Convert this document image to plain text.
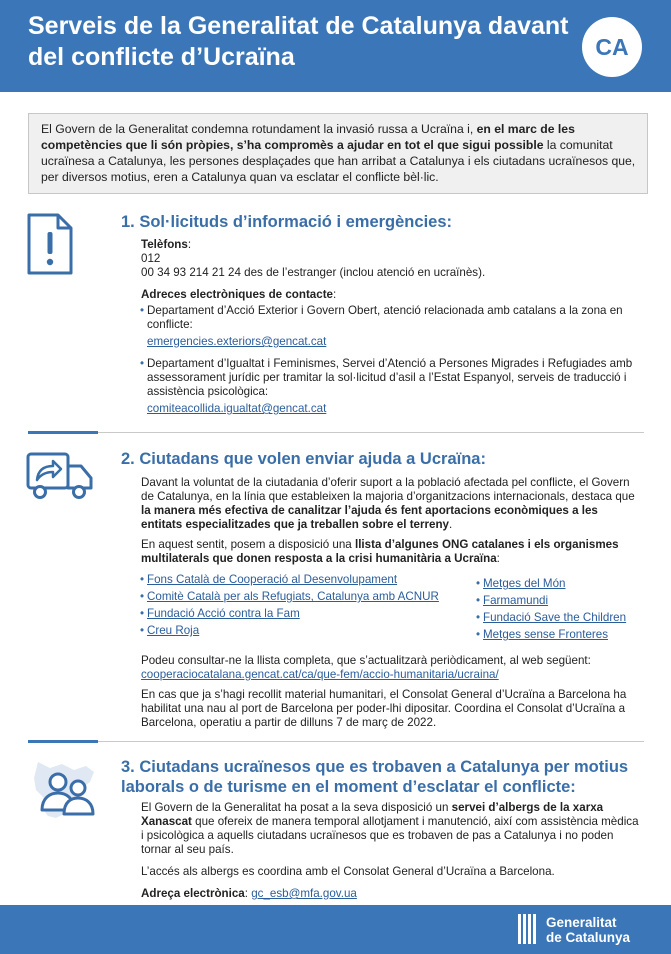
Serveis de la Generalitat de Catalunya davant del conflicte d’Ucraïna	CA
El Govern de la Generalitat condemna rotundament la invasió russa a Ucraïna i, en el marc de les competències que li són pròpies, s’ha compromès a ajudar en tot el que sigui possible la comunitat ucraïnesa a Catalunya, les persones desplaçades que han arribat a Catalunya i els ciutadans ucraïnesos que, per diversos motius, eren a Catalunya quan va esclatar el conflicte bèl·lic.
1. Sol·licituds d’informació i emergències:

Telèfons:

012

00 34 93 214 21 24 des de l’estranger (inclou atenció en ucraïnès).

Adreces electròniques de contacte:

• Departament d’Acció Exterior i Govern Obert, atenció relacionada amb catalans a la zona en conflicte:

emergencies.exteriors@gencat.cat

• Departament d’Igualtat i Feminismes, Servei d’Atenció a Persones Migrades i Refugiades amb assessorament jurídic per tramitar la sol·licitud d’asil a l’Estat Espanyol, serveis de traducció i assistència psicològica:

comiteacollida.igualtat@gencat.cat

2. Ciutadans que volen enviar ajuda a Ucraïna:

Davant la voluntat de la ciutadania d’oferir suport a la població afectada pel conflicte, el Govern de Catalunya, en la línia que estableixen la majoria d’organitzacions internacionals, destaca que la manera més efectiva de canalitzar l’ajuda és fent aportacions econòmiques a les entitats especialitzades que ja treballen sobre el terreny.

En aquest sentit, posem a disposició una llista d’algunes ONG catalanes i els organismes multilaterals que donen resposta a la crisi humanitària a Ucraïna:

• Fons Català de Cooperació al Desenvolupament
• Comitè Català per als Refugiats, Catalunya amb ACNUR
• Fundació Acció contra la Fam
• Creu Roja
• Metges del Món
• Farmamundi
• Fundació Save the Children
• Metges sense Fronteres

Podeu consultar-ne la llista completa, que s’actualitzarà periòdicament, al web següent:

cooperaciocatalana.gencat.cat/ca/que-fem/accio-humanitaria/ucraina/

En cas que ja s’hagi recollit material humanitari, el Consolat General d’Ucraïna a Barcelona ha habilitat una nau al port de Barcelona per poder-lhi dipositar. Coordina el Consolat d’Ucraïna a Barcelona, operatiu a partir de dilluns 7 de març de 2022.

3. Ciutadans ucraïnesos que es trobaven a Catalunya per motius laborals o de turisme en el moment d’esclatar el conflicte:

El Govern de la Generalitat ha posat a la seva disposició un servei d’albergs de la xarxa Xanascat que ofereix de manera temporal allotjament i manutenció, així com assistència mèdica i psicològica a aquells ciutadans ucraïnesos que es trobaven de pas a Catalunya i no poden tornar al seu país.

L’accés als albergs es coordina amb el Consolat General d’Ucraïna a Barcelona.

Adreça electrònica: gc_esb@mfa.gov.ua

Generalitat
de Catalunya
